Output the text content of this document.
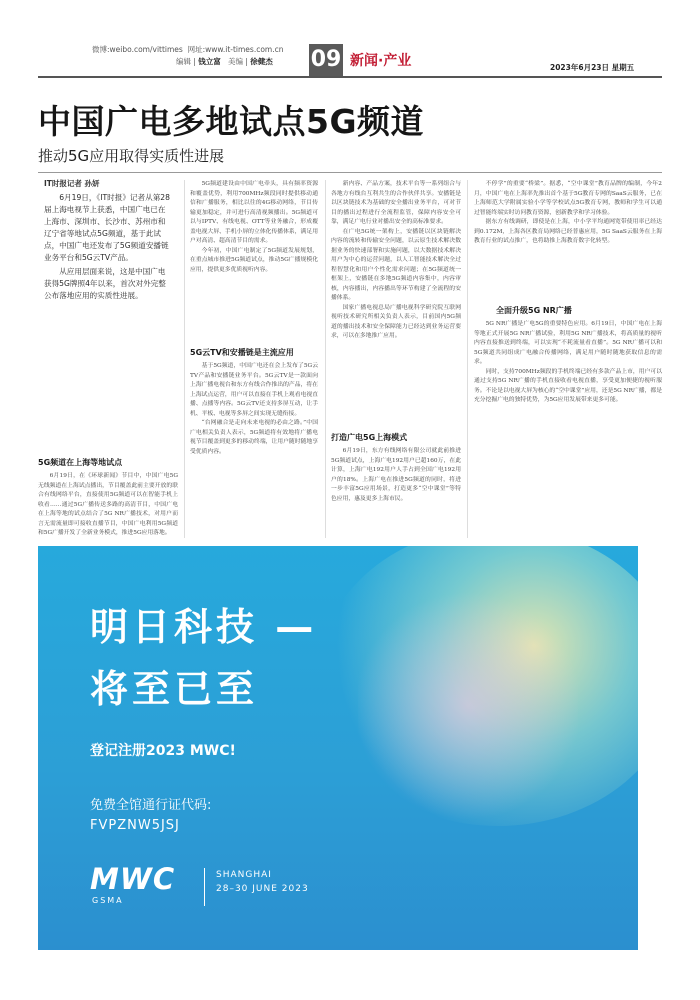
微博:weibo.com/vittimes 网址:www.it-times.com.cn
编辑 | 钱立富 美编 | 徐健杰	09 新闻·产业	2023年6月23日 星期五
中国广电多地试点5G频道
推动5G应用取得实质性进展
IT时报记者 孙妍

6月19日，《IT时报》记者从第28届上海电视节上获悉，中国广电已在上海市、深圳市、长沙市、苏州市和辽宁省等地试点5G频道，基于此试点，中国广电还发布了5G频道安播链业务平台和5G云TV产品。

从应用层面来说，这是中国广电获得5G牌照4年以来，首次对外完整公布落地应用的实质性进展。

5G频道在上海等地试点

6月19日，在《环球新闻》节目中，中国广电5G无线频道在上海试点播出，节目覆盖此前主要开放的联合有线网络平台，直接使用5G频道可以在智能手机上收看……通过5G广播传送多路的高清节目，中国广电在上海等地的试点结合了5G NR广播技术，对用户而言无需流量即可接收直播节目，中国广电利用5G频道和5G广播开发了全新业务模式，推进5G应用落地。

5G频道建设由中国广电牵头，具有频率资源和覆盖优势，利用700MHz频段同时提供移动通信和广播服务，相比以往的4G移动网络，节目传输更加稳定，并可进行高清视频播出。5G频道可以与IPTV、有线电视、OTT等业务融合，形成覆盖电视大屏、手机小屏的立体化传播体系，满足用户对高清、超高清节目的需求。

今年初，中国广电制定了5G频道发展规划，在重点城市推进5G频道试点，推动5G广播规模化应用，提供更多优质视听内容。

5G云TV和安播链是主流应用

基于5G频道，中国广电还在会上发布了5G云TV产品和安播链业务平台。5G云TV是一款面向上海广播电视台和东方有线合作推出的产品，将在上海试点运营，用户可以直接在手机上观看电视直播、点播等内容。5G云TV还支持多屏互动，让手机、平板、电视等多屏之间实现无缝衔接。

“台网融合是走向未来电视的必由之路。”中国广电相关负责人表示，5G频道将有效地将广播电视节目覆盖到更多的移动终端，让用户随时随地享受优质内容。

新内容、产品方案，技术平台等一系列组合与各地方有线台互利共生的合作伙伴共享。安播链是以区块链技术为基础的安全播出业务平台，可对节目的播出过程进行全流程监管，保障内容安全可靠，满足广电行业对播出安全的高标准要求。

在广电5G统一架构上，安播链以区块链解决内容的流转和传输安全问题，以云原生技术解决数据业务的快速部署和实施问题，以大数据技术解决用户为中心的运营问题，以人工智能技术解决全过程智慧化和用户个性化需求问题；在5G频道统一框架上，安播链在多地5G频道内容集中，内容审核，内容播出，内容播出等环节构建了全流程的安播体系。

国家广播电视总局广播电视科学研究院互联网视听技术研究所相关负责人表示，目前国内5G频道的播出技术和安全保障能力已经达到业务运营要求，可以在多地推广应用。

打造广电5G上海模式

6月19日，东方有线网络有限公司就此前推进5G频道试点，上海广电192用户已超160万，在此计算，上海广电192用户人手占到全国广电192用户的18%。上海广电在推进5G频道的同时，将进一步丰富5G应用场景，打造更多“空中课堂”等特色应用，惠及更多上海市民。

不停学”的重要“桥梁”。据悉，“空中课堂”教育品牌的编制，今年2月，中国广电在上海率先推出首个基于5G教育专网的SaaS云服务，已在上海师范大学附属实验小学等学校试点5G教育专网，教师和学生可以通过智能终端实时访问教育资源，创新教学和学习体验。

据东方有线调研，即使是在上海，中小学平均通网宽带使用率已经达到0.172M，上海各区教育局网络已经普惠应用，5G SaaS云服务在上海教育行业的试点推广，也将助推上海教育数字化转型。

全面升级5G NR广播

5G NR广播是广电5G的重要特色应用。6月19日，中国广电在上海等地正式开展5G NR广播试验，利用5G NR广播技术，将高质量的视听内容直接推送到终端，可以实现“不耗流量看直播”。5G NR广播可以和5G频道共同组成广电融合传播网络，满足用户随时随地获取信息的需求。

同时，支持700MHz频段的手机终端已经有多款产品上市，用户可以通过支持5G NR广播的手机直接收看电视直播，享受更加便捷的视听服务。不论是以电视大屏为核心的“空中课堂”应用，还是5G NR广播，都是充分挖掘广电的独特优势，为5G应用发展带来更多可能。

明日科技 —
将至已至
登记注册2023 MWC!
免费全馆通行证代码:
FVPZNW5JSJ
MWC
GSMA
SHANGHAI
28–30 JUNE 2023
